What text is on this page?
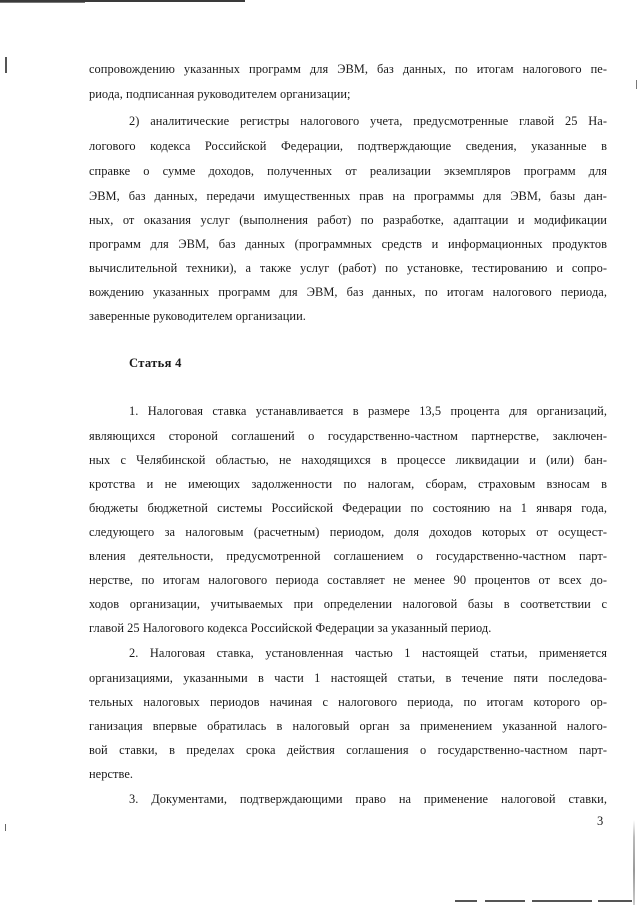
сопровождению указанных программ для ЭВМ, баз данных, по итогам налогового пе-
риода, подписанная руководителем организации;
2) аналитические регистры налогового учета, предусмотренные главой 25 На-
логового кодекса Российской Федерации, подтверждающие сведения, указанные в
справке о сумме доходов, полученных от реализации экземпляров программ для
ЭВМ, баз данных, передачи имущественных прав на программы для ЭВМ, базы дан-
ных, от оказания услуг (выполнения работ) по разработке, адаптации и модификации
программ для ЭВМ, баз данных (программных средств и информационных продуктов
вычислительной техники), а также услуг (работ) по установке, тестированию и сопро-
вождению указанных программ для ЭВМ, баз данных, по итогам налогового периода,
заверенные руководителем организации.
Статья 4
1. Налоговая ставка устанавливается в размере 13,5 процента для организаций,
являющихся стороной соглашений о государственно-частном партнерстве, заключен-
ных с Челябинской областью, не находящихся в процессе ликвидации и (или) бан-
кротства и не имеющих задолженности по налогам, сборам, страховым взносам в
бюджеты бюджетной системы Российской Федерации по состоянию на 1 января года,
следующего за налоговым (расчетным) периодом, доля доходов которых от осущест-
вления деятельности, предусмотренной соглашением о государственно-частном парт-
нерстве, по итогам налогового периода составляет не менее 90 процентов от всех до-
ходов организации, учитываемых при определении налоговой базы в соответствии с
главой 25 Налогового кодекса Российской Федерации за указанный период.
2. Налоговая ставка, установленная частью 1 настоящей статьи, применяется
организациями, указанными в части 1 настоящей статьи, в течение пяти последова-
тельных налоговых периодов начиная с налогового периода, по итогам которого ор-
ганизация впервые обратилась в налоговый орган за применением указанной налого-
вой ставки, в пределах срока действия соглашения о государственно-частном парт-
нерстве.
3. Документами, подтверждающими право на применение налоговой ставки,
3
